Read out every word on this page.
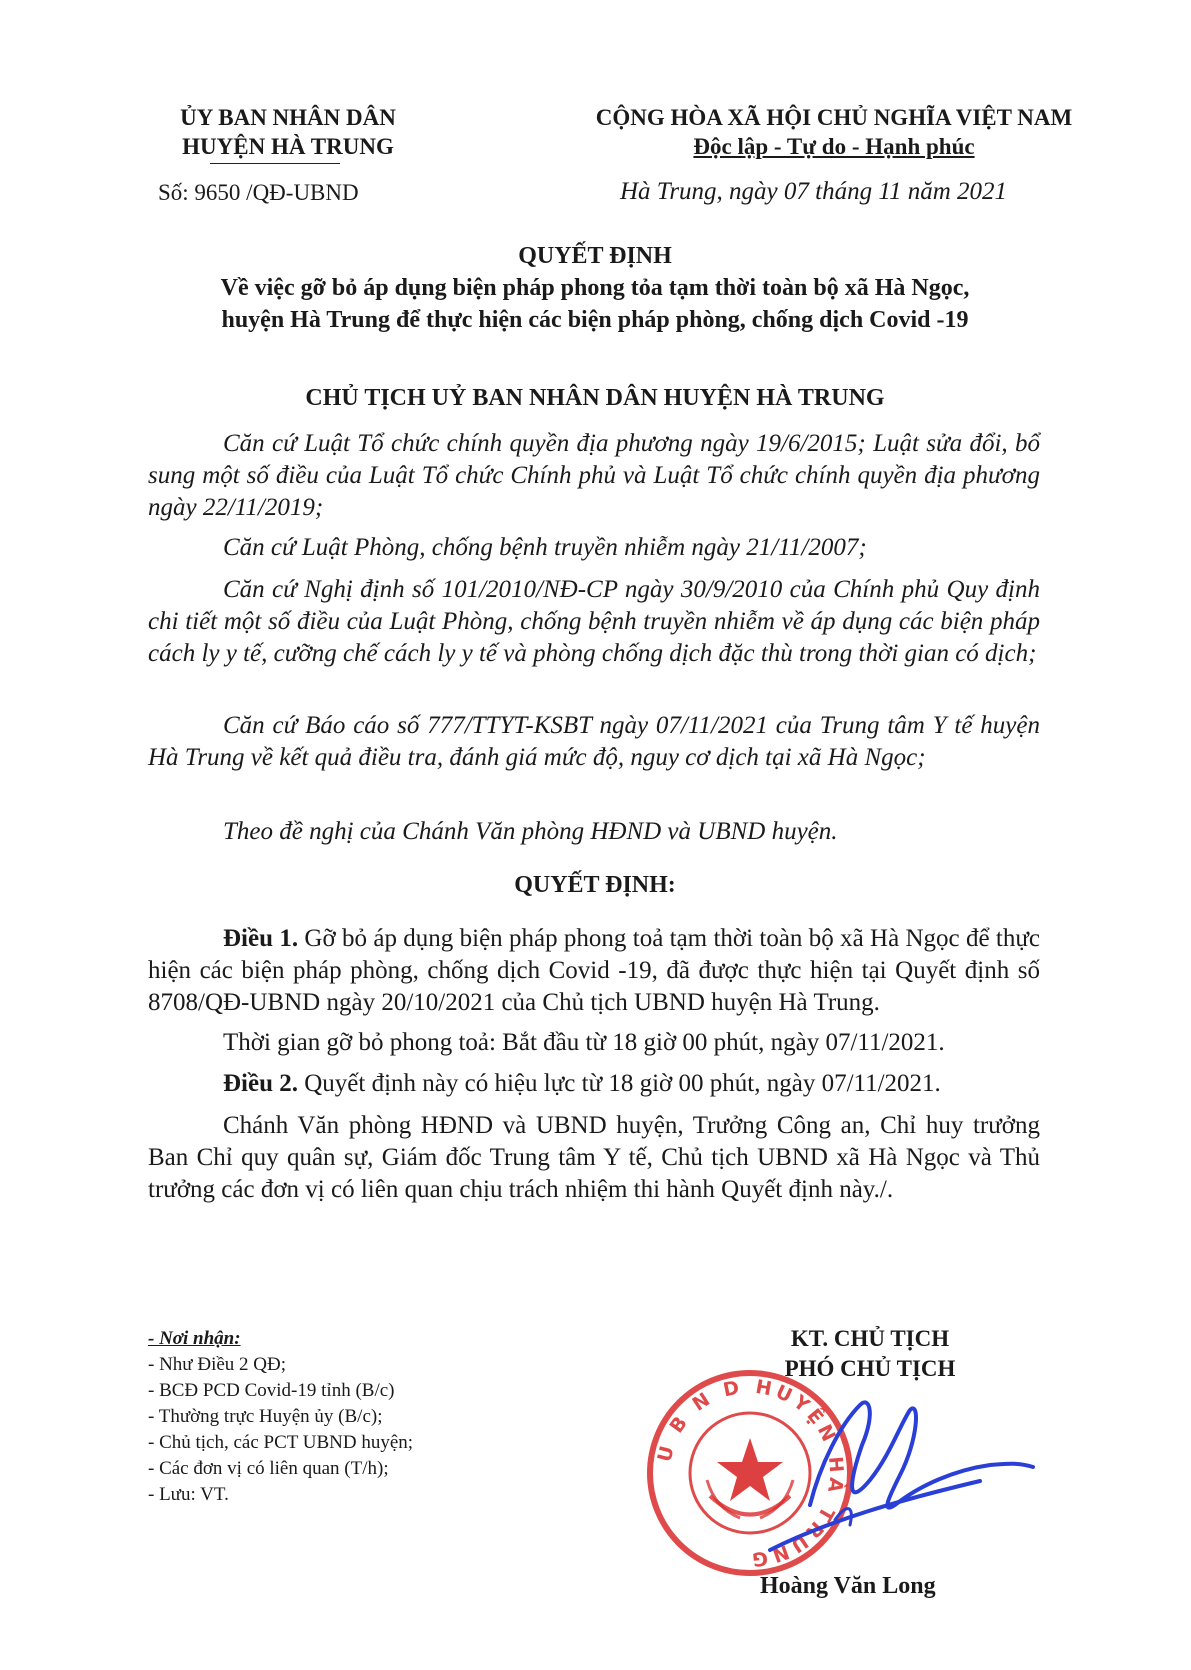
ỦY BAN NHÂN DÂN
HUYỆN HÀ TRUNG
Số: 9650 /QĐ-UBND
CỘNG HÒA XÃ HỘI CHỦ NGHĨA VIỆT NAM
Độc lập - Tự do - Hạnh phúc
Hà Trung, ngày 07 tháng 11 năm 2021
QUYẾT ĐỊNH
Về việc gỡ bỏ áp dụng biện pháp phong tỏa tạm thời toàn bộ xã Hà Ngọc,
huyện Hà Trung để thực hiện các biện pháp phòng, chống dịch Covid -19
CHỦ TỊCH UỶ BAN NHÂN DÂN HUYỆN HÀ TRUNG
Căn cứ Luật Tổ chức chính quyền địa phương ngày 19/6/2015; Luật sửa đổi, bổ sung một số điều của Luật Tổ chức Chính phủ và Luật Tổ chức chính quyền địa phương ngày 22/11/2019;
Căn cứ Luật Phòng, chống bệnh truyền nhiễm ngày 21/11/2007;
Căn cứ Nghị định số 101/2010/NĐ-CP ngày 30/9/2010 của Chính phủ Quy định chi tiết một số điều của Luật Phòng, chống bệnh truyền nhiễm về áp dụng các biện pháp cách ly y tế, cưỡng chế cách ly y tế và phòng chống dịch đặc thù trong thời gian có dịch;
Căn cứ Báo cáo số 777/TTYT-KSBT ngày 07/11/2021 của Trung tâm Y tế huyện Hà Trung về kết quả điều tra, đánh giá mức độ, nguy cơ dịch tại xã Hà Ngọc;
Theo đề nghị của Chánh Văn phòng HĐND và UBND huyện.
QUYẾT ĐỊNH:
Điều 1. Gỡ bỏ áp dụng biện pháp phong toả tạm thời toàn bộ xã Hà Ngọc để thực hiện các biện pháp phòng, chống dịch Covid -19, đã được thực hiện tại Quyết định số 8708/QĐ-UBND ngày 20/10/2021 của Chủ tịch UBND huyện Hà Trung.
Thời gian gỡ bỏ phong toả: Bắt đầu từ 18 giờ 00 phút, ngày 07/11/2021.
Điều 2. Quyết định này có hiệu lực từ 18 giờ 00 phút, ngày 07/11/2021.
Chánh Văn phòng HĐND và UBND huyện, Trưởng Công an, Chỉ huy trưởng Ban Chỉ quy quân sự, Giám đốc Trung tâm Y tế, Chủ tịch UBND xã Hà Ngọc và Thủ trưởng các đơn vị có liên quan chịu trách nhiệm thi hành Quyết định này./.
- Nơi nhận:
- Như Điều 2 QĐ;
- BCĐ PCD Covid-19 tỉnh (B/c)
- Thường trực Huyện ủy (B/c);
- Chủ tịch, các PCT UBND huyện;
- Các đơn vị có liên quan (T/h);
- Lưu: VT.
KT. CHỦ TỊCH
PHÓ CHỦ TỊCH
U B N D HUYỆN HÀ TRUNG
Hoàng Văn Long
